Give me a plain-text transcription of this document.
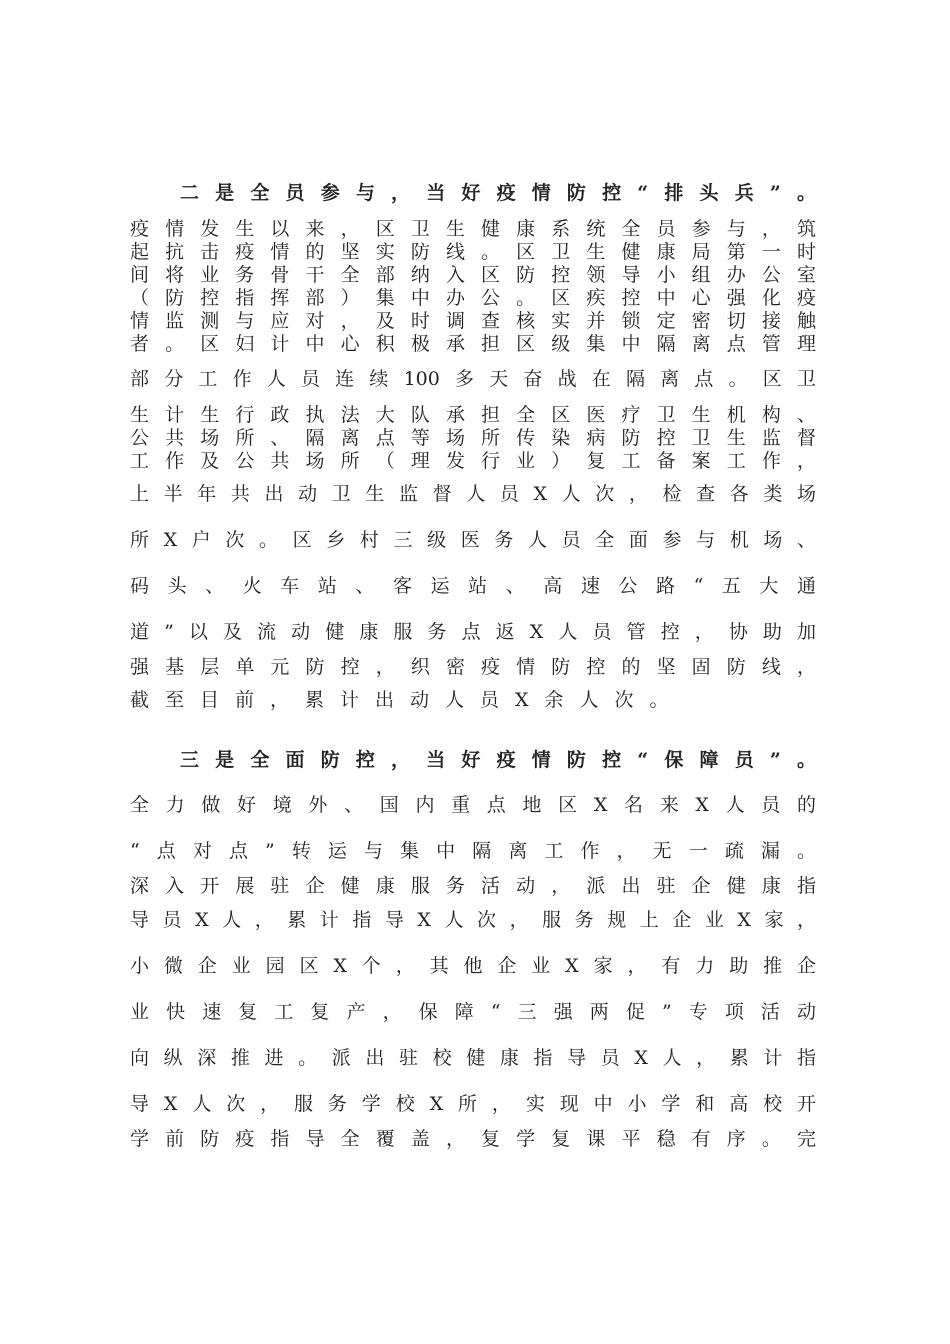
二是全员参与，当好疫情防控“排头兵”。
疫情发生以来，区卫生健康系统全员参与，筑
起抗击疫情的坚实防线。区卫生健康局第一时
间将业务骨干全部纳入区防控领导小组办公室
（防控指挥部）集中办公。区疾控中心强化疫
情监测与应对，及时调查核实并锁定密切接触
者。区妇计中心积极承担区级集中隔离点管理
部分工作人员连续100多天奋战在隔离点。区卫
生计生行政执法大队承担全区医疗卫生机构、
公共场所、隔离点等场所传染病防控卫生监督
工作及公共场所（理发行业）复工备案工作，
上半年共出动卫生监督人员X人次，检查各类场
所X户次。区乡村三级医务人员全面参与机场、
码头、火车站、客运站、高速公路“五大通
道”以及流动健康服务点返X人员管控，协助加
强基层单元防控，织密疫情防控的坚固防线，
截至目前，累计出动人员X余人次。
三是全面防控，当好疫情防控“保障员”。
全力做好境外、国内重点地区X名来X人员的
“点对点”转运与集中隔离工作，无一疏漏。
深入开展驻企健康服务活动，派出驻企健康指
导员X人，累计指导X人次，服务规上企业X家，
小微企业园区X个，其他企业X家，有力助推企
业快速复工复产，保障“三强两促”专项活动
向纵深推进。派出驻校健康指导员X人，累计指
导X人次，服务学校X所，实现中小学和高校开
学前防疫指导全覆盖，复学复课平稳有序。完
